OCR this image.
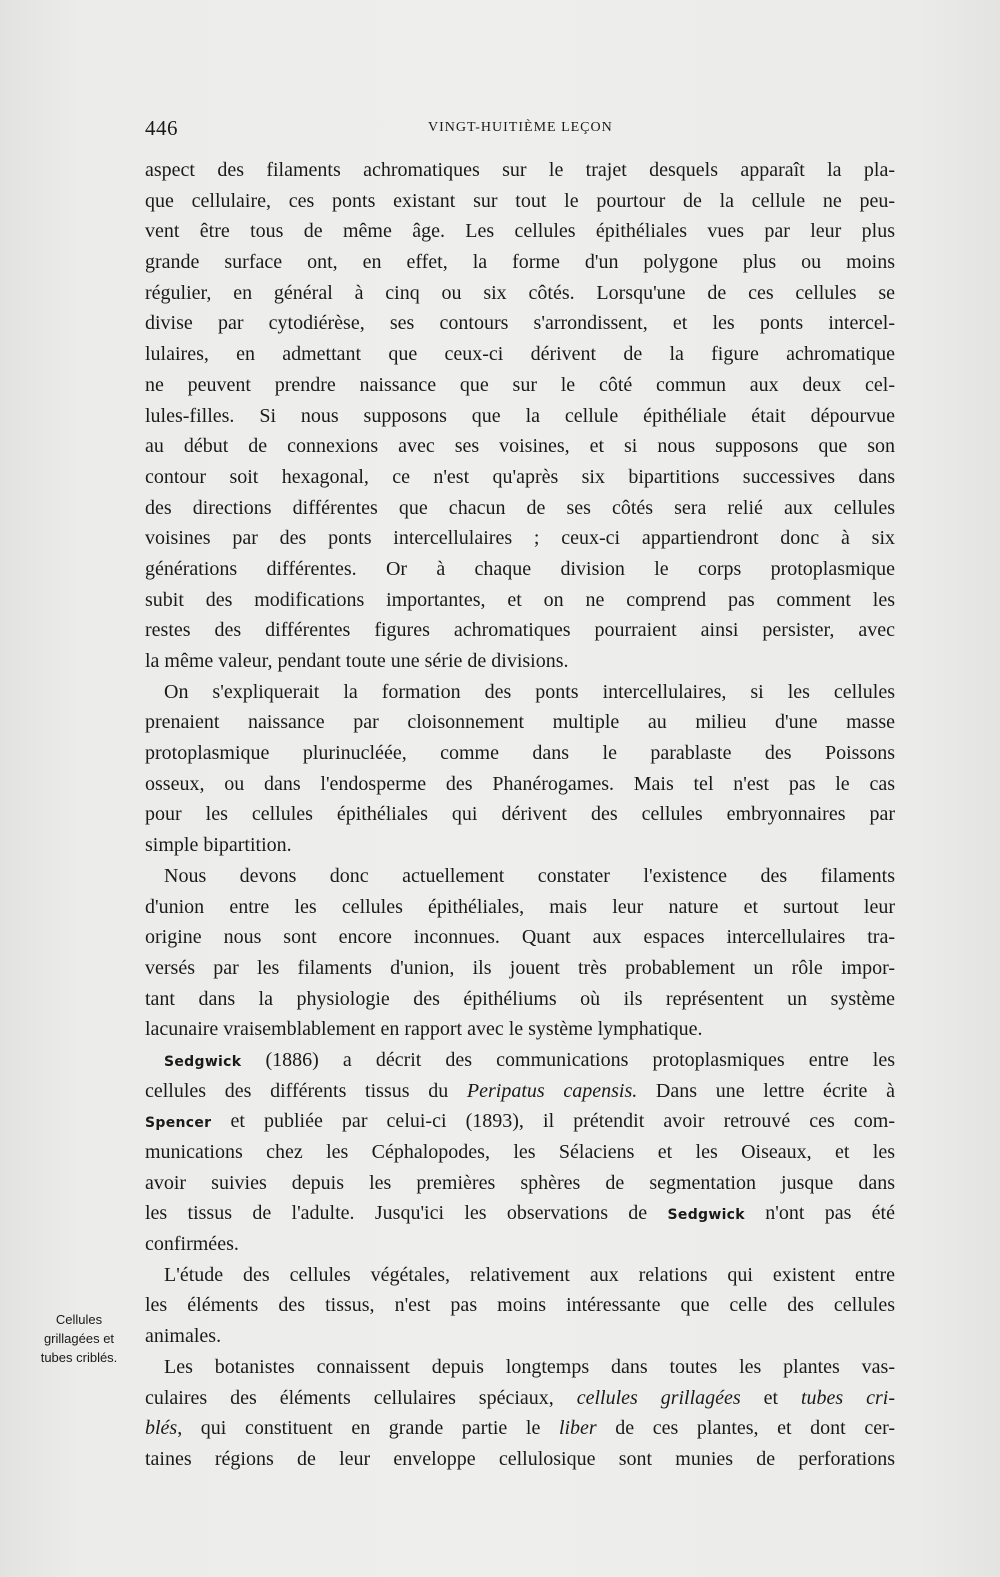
446	VINGT-HUITIÈME LEÇON
Cellules
grillagées et
tubes criblés.
aspect des filaments achromatiques sur le trajet desquels apparaît la pla-
que cellulaire, ces ponts existant sur tout le pourtour de la cellule ne peu-
vent être tous de même âge. Les cellules épithéliales vues par leur plus
grande surface ont, en effet, la forme d'un polygone plus ou moins
régulier, en général à cinq ou six côtés. Lorsqu'une de ces cellules se
divise par cytodiérèse, ses contours s'arrondissent, et les ponts intercel-
lulaires, en admettant que ceux-ci dérivent de la figure achromatique
ne peuvent prendre naissance que sur le côté commun aux deux cel-
lules-filles. Si nous supposons que la cellule épithéliale était dépourvue
au début de connexions avec ses voisines, et si nous supposons que son
contour soit hexagonal, ce n'est qu'après six bipartitions successives dans
des directions différentes que chacun de ses côtés sera relié aux cellules
voisines par des ponts intercellulaires ; ceux-ci appartiendront donc à six
générations différentes. Or à chaque division le corps protoplasmique
subit des modifications importantes, et on ne comprend pas comment les
restes des différentes figures achromatiques pourraient ainsi persister, avec
la même valeur, pendant toute une série de divisions.
On s'expliquerait la formation des ponts intercellulaires, si les cellules
prenaient naissance par cloisonnement multiple au milieu d'une masse
protoplasmique plurinucléée, comme dans le parablaste des Poissons
osseux, ou dans l'endosperme des Phanérogames. Mais tel n'est pas le cas
pour les cellules épithéliales qui dérivent des cellules embryonnaires par
simple bipartition.
Nous devons donc actuellement constater l'existence des filaments
d'union entre les cellules épithéliales, mais leur nature et surtout leur
origine nous sont encore inconnues. Quant aux espaces intercellulaires tra-
versés par les filaments d'union, ils jouent très probablement un rôle impor-
tant dans la physiologie des épithéliums où ils représentent un système
lacunaire vraisemblablement en rapport avec le système lymphatique.
Sedgwick (1886) a décrit des communications protoplasmiques entre les
cellules des différents tissus du Peripatus capensis. Dans une lettre écrite à
Spencer et publiée par celui-ci (1893), il prétendit avoir retrouvé ces com-
munications chez les Céphalopodes, les Sélaciens et les Oiseaux, et les
avoir suivies depuis les premières sphères de segmentation jusque dans
les tissus de l'adulte. Jusqu'ici les observations de Sedgwick n'ont pas été
confirmées.
L'étude des cellules végétales, relativement aux relations qui existent entre
les éléments des tissus, n'est pas moins intéressante que celle des cellules
animales.
Les botanistes connaissent depuis longtemps dans toutes les plantes vas-
culaires des éléments cellulaires spéciaux, cellules grillagées et tubes cri-
blés, qui constituent en grande partie le liber de ces plantes, et dont cer-
taines régions de leur enveloppe cellulosique sont munies de perforations
